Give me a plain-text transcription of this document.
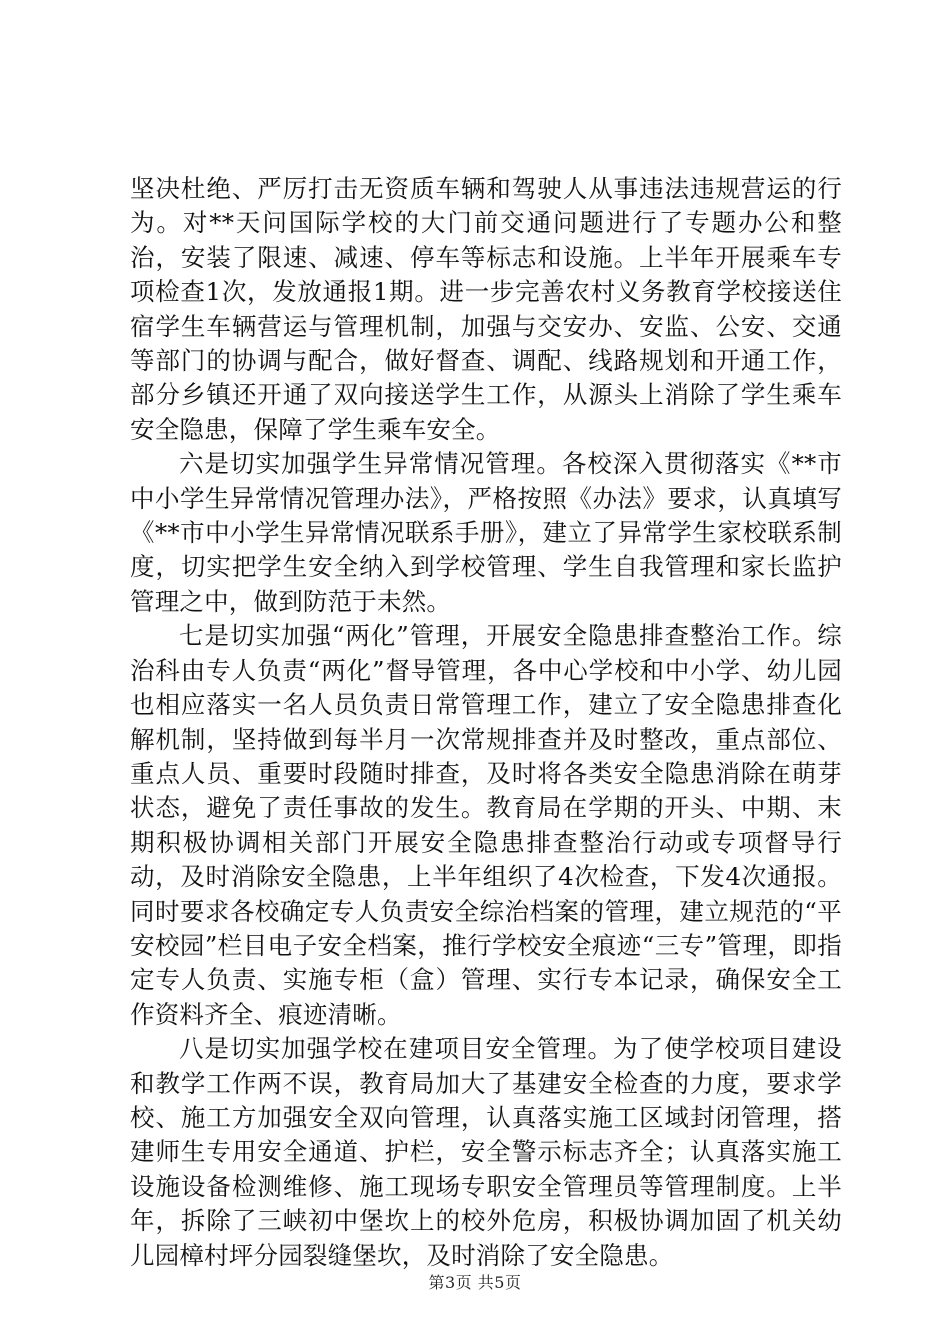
坚决杜绝、严厉打击无资质车辆和驾驶人从事违法违规营运的行为。对**天问国际学校的大门前交通问题进行了专题办公和整治，安装了限速、减速、停车等标志和设施。上半年开展乘车专项检查1次，发放通报1期。进一步完善农村义务教育学校接送住宿学生车辆营运与管理机制，加强与交安办、安监、公安、交通等部门的协调与配合，做好督查、调配、线路规划和开通工作，部分乡镇还开通了双向接送学生工作，从源头上消除了学生乘车安全隐患，保障了学生乘车安全。

六是切实加强学生异常情况管理。各校深入贯彻落实《**市中小学生异常情况管理办法》，严格按照《办法》要求，认真填写《**市中小学生异常情况联系手册》，建立了异常学生家校联系制度，切实把学生安全纳入到学校管理、学生自我管理和家长监护管理之中，做到防范于未然。

七是切实加强“两化”管理，开展安全隐患排查整治工作。综治科由专人负责“两化”督导管理，各中心学校和中小学、幼儿园也相应落实一名人员负责日常管理工作，建立了安全隐患排查化解机制，坚持做到每半月一次常规排查并及时整改，重点部位、重点人员、重要时段随时排查，及时将各类安全隐患消除在萌芽状态，避免了责任事故的发生。教育局在学期的开头、中期、末期积极协调相关部门开展安全隐患排查整治行动或专项督导行动，及时消除安全隐患，上半年组织了4次检查，下发4次通报。同时要求各校确定专人负责安全综治档案的管理，建立规范的“平安校园”栏目电子安全档案，推行学校安全痕迹“三专”管理，即指定专人负责、实施专柜（盒）管理、实行专本记录，确保安全工作资料齐全、痕迹清晰。

八是切实加强学校在建项目安全管理。为了使学校项目建设和教学工作两不误，教育局加大了基建安全检查的力度，要求学校、施工方加强安全双向管理，认真落实施工区域封闭管理，搭建师生专用安全通道、护栏，安全警示标志齐全；认真落实施工设施设备检测维修、施工现场专职安全管理员等管理制度。上半年，拆除了三峡初中堡坎上的校外危房，积极协调加固了机关幼儿园樟村坪分园裂缝堡坎，及时消除了安全隐患。

第3页 共5页
